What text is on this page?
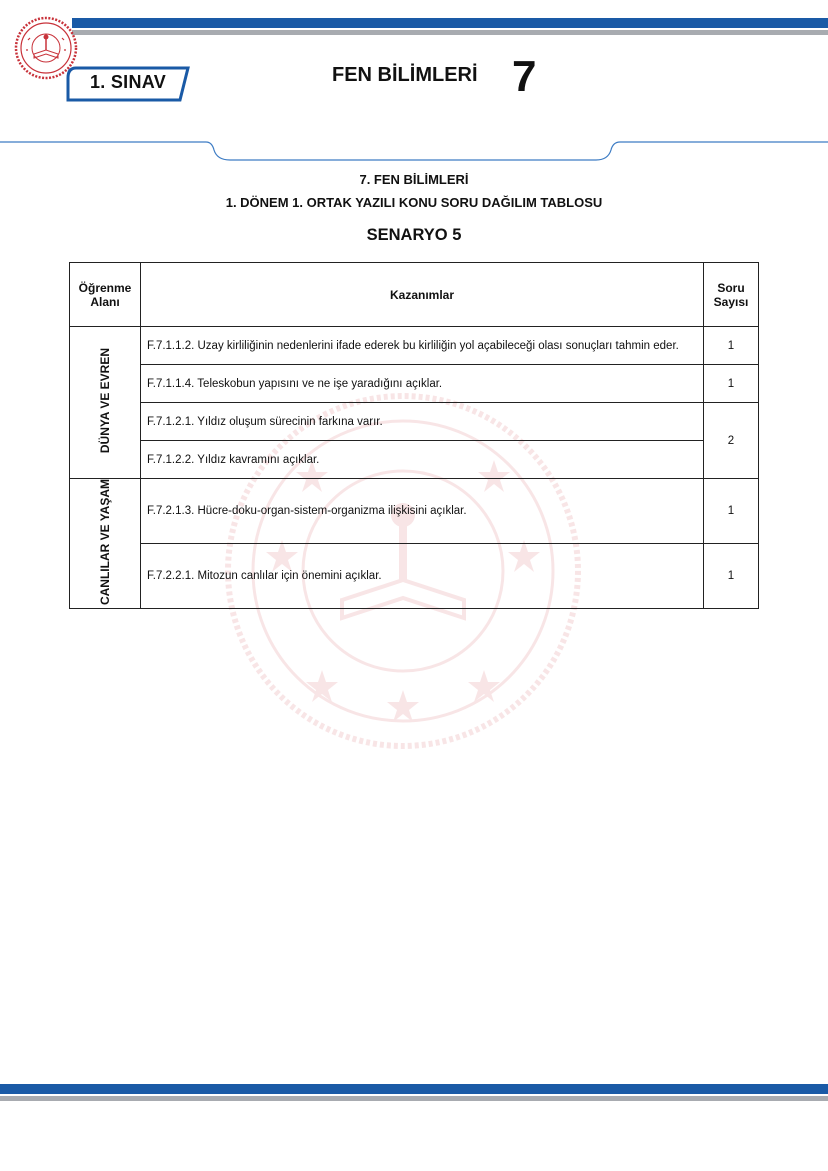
1. SINAV	FEN BİLİMLERİ 7
7. FEN BİLİMLERİ
1. DÖNEM 1. ORTAK YAZILI KONU SORU DAĞILIM TABLOSU
SENARYO 5
Öğrenme Alanı	Kazanımlar	Soru Sayısı
DÜNYA VE EVREN	F.7.1.1.2. Uzay kirliliğinin nedenlerini ifade ederek bu kirliliğin yol açabileceği olası sonuçları tahmin eder.	1
	F.7.1.1.4. Teleskobun yapısını ve ne işe yaradığını açıklar.	1
	F.7.1.2.1. Yıldız oluşum sürecinin farkına varır.	2
	F.7.1.2.2. Yıldız kavramını açıklar.	
CANLILAR VE YAŞAM	F.7.2.1.3. Hücre-doku-organ-sistem-organizma ilişkisini açıklar.	1
	F.7.2.2.1. Mitozun canlılar için önemini açıklar.	1
